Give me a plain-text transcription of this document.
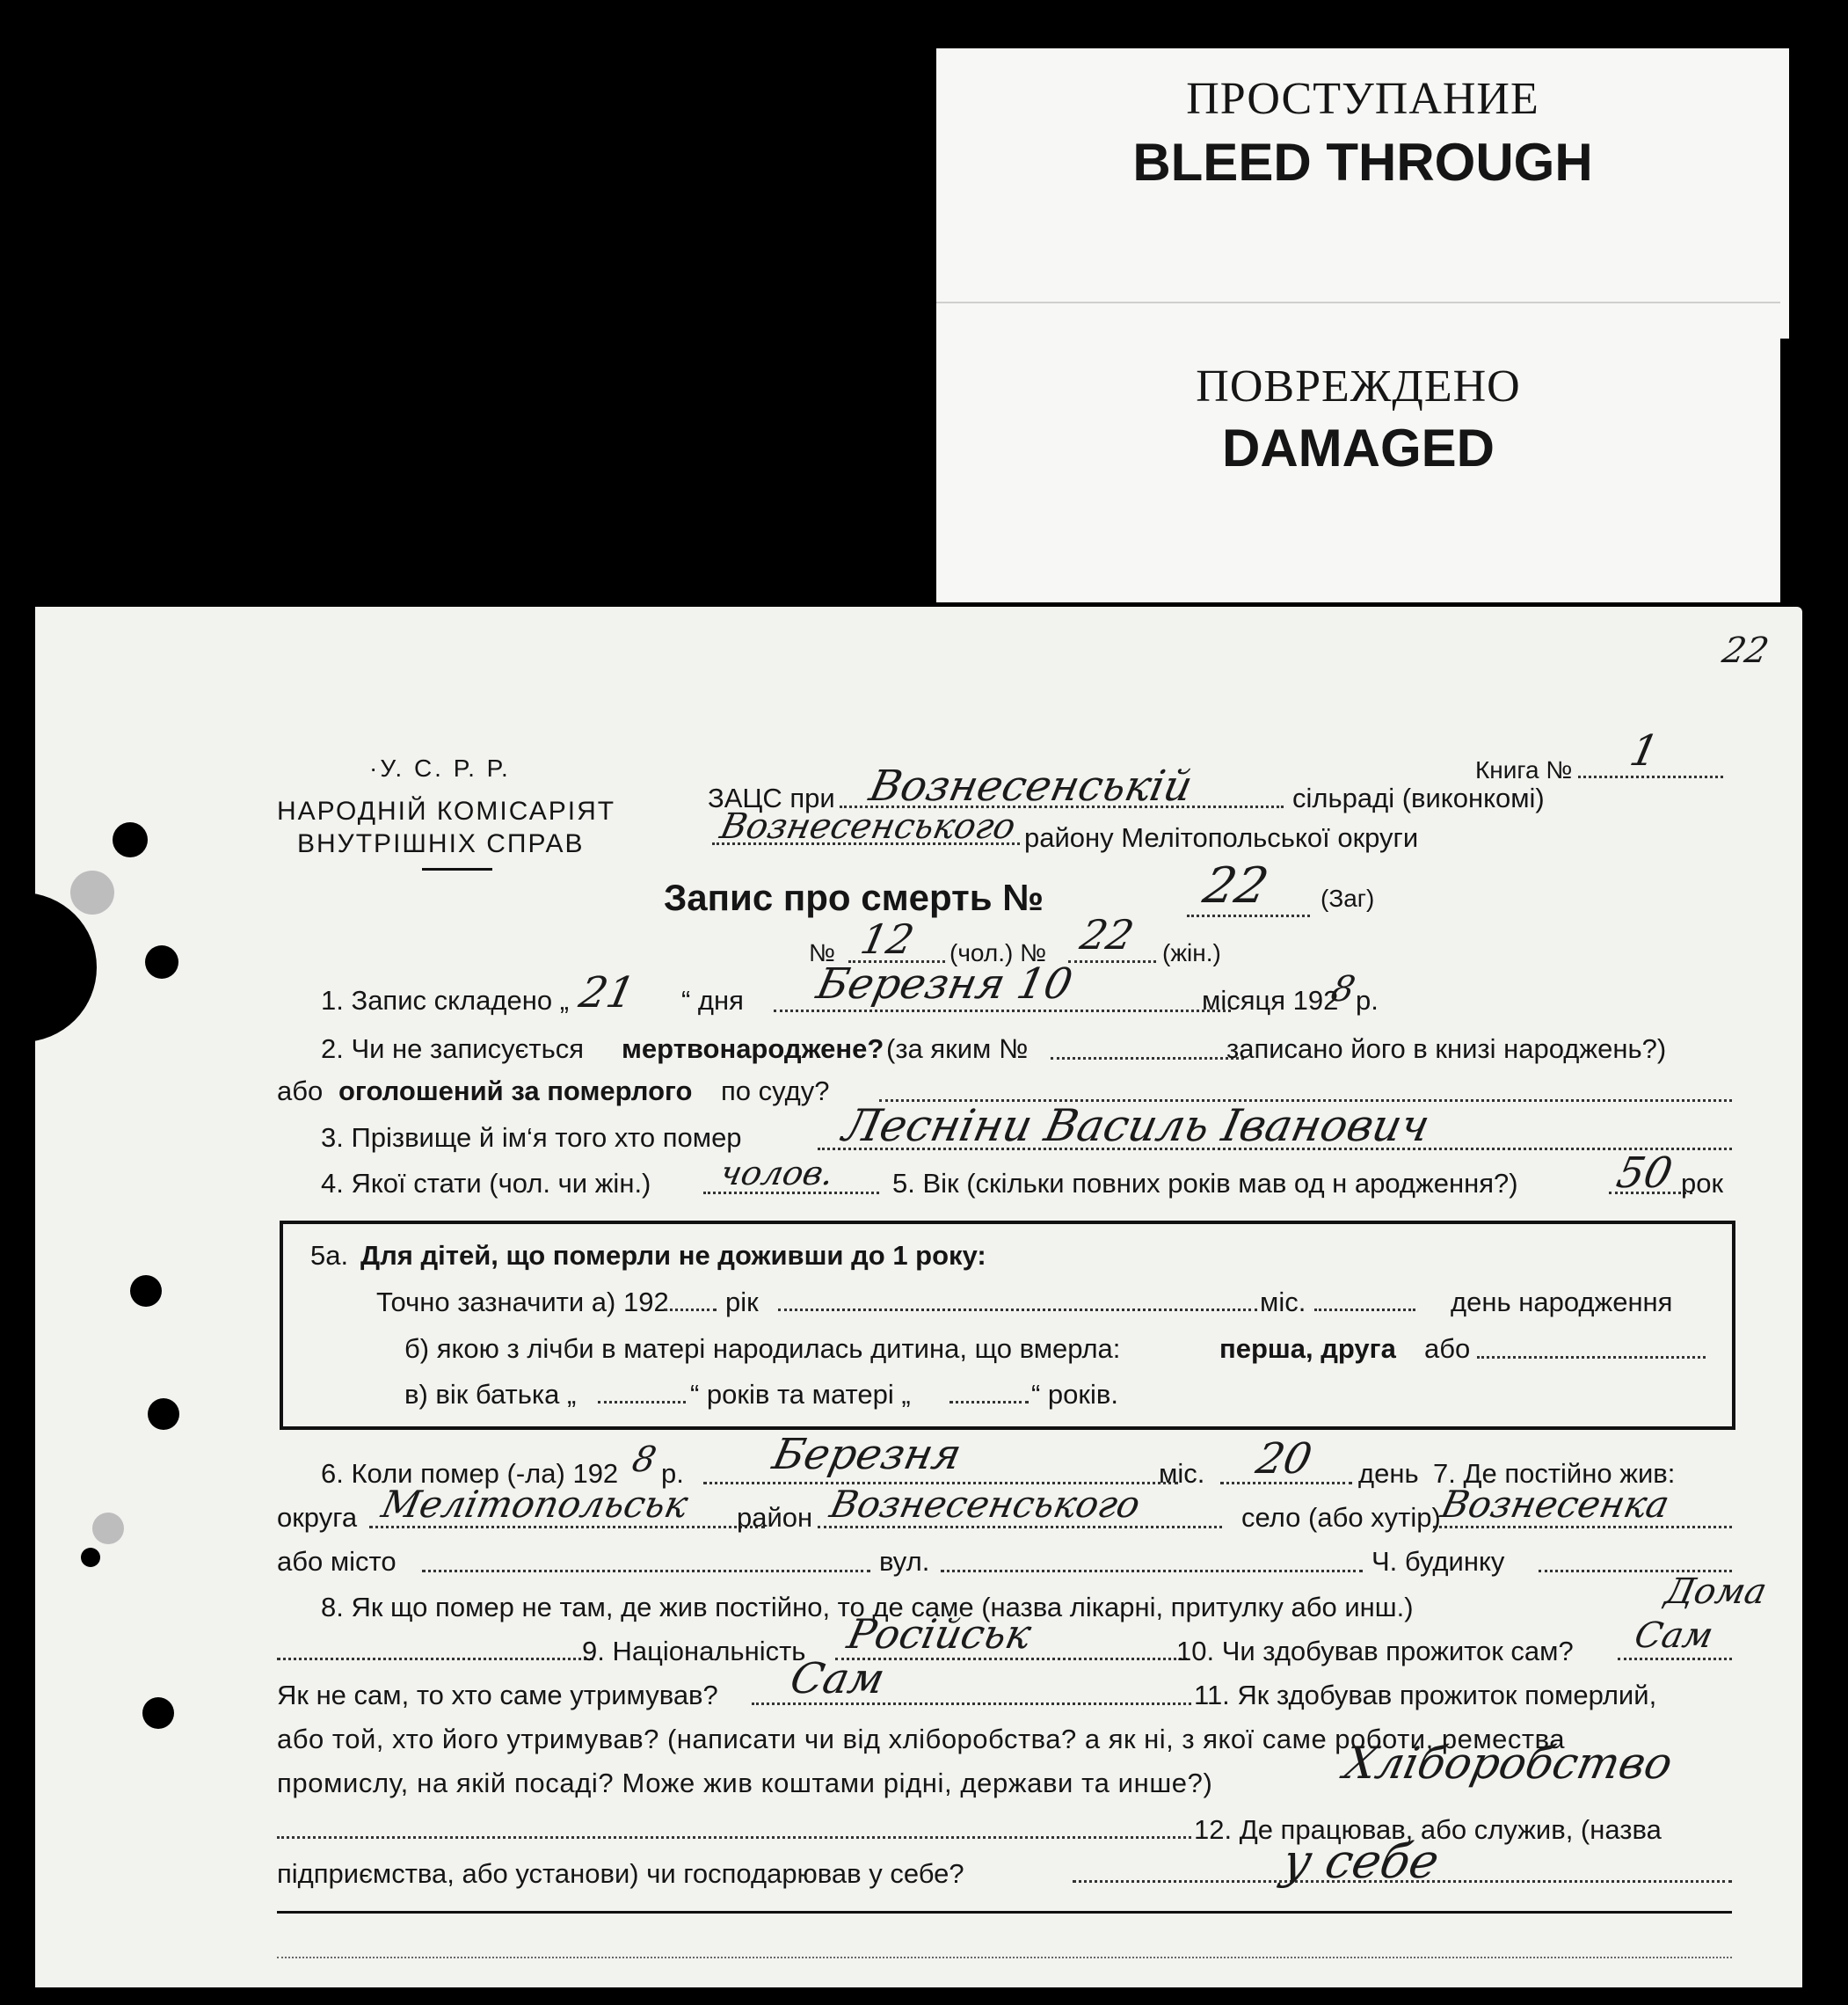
ПРОСТУПАНИЕ
BLEED THROUGH
ПОВРЕЖДЕНО
DAMAGED
22
·У. С. Р. Р.
НАРОДНІЙ КОМІСАРІЯТ
ВНУТРІШНІХ СПРАВ
Книга № 1
ЗАЦС при Вознесенській	сільраді (виконкомі)
Вознесенського району Мелітопольської округи
Запис про смерть №	22 (Заг)
№ 12 (чол.) № 22 (жін.)
1. Запис складено „ 21 “ дня Березня 10	місяця 192
8
р.
2. Чи не записується мертвонароджене? (за яким №	записано його в книзі народжень?)
або оголошений за померлого по суду?
3. Прізвище й ім‘я того хто помер Лесніни Василь Іванович
4. Якої стати (чол. чи жін.) чолов. 5. Вік (скільки повних років мав од н ародження?) 50 рок
5а. Для дітей, що померли не доживши до 1 року:
Точно зазначити а) 192 рік	міс.	день народження
б) якою з лічби в матері народилась дитина, що вмерла:	перша, друга або
в) вік батька „	“ років та матері „	“ років.
6. Коли помер (-ла) 192 8 р. Березня	міс. 20 день 7. Де постійно жив:
округа Мелітопольськ район Вознесенського	село (або хутір)
Вознесенка
або місто	вул.	Ч. будинку
8. Як що помер не там, де жив постійно, то де саме (назва лікарні, притулку або инш.)	Дома
9. Національність Російськ	10. Чи здобував прожиток сам? Сам
Як не сам, то хто саме утримував? Сам	11. Як здобував прожиток померлий,
або той, хто його утримував? (написати чи від хліборобства? а як ні, з якої саме роботи, ремества
промислу, на якій посаді? Може жив коштами рідні, держави та инше?)	Хліборобство
12. Де працював, або служив, (назва
підприємства, або установи) чи господарював у себе?	у себе
